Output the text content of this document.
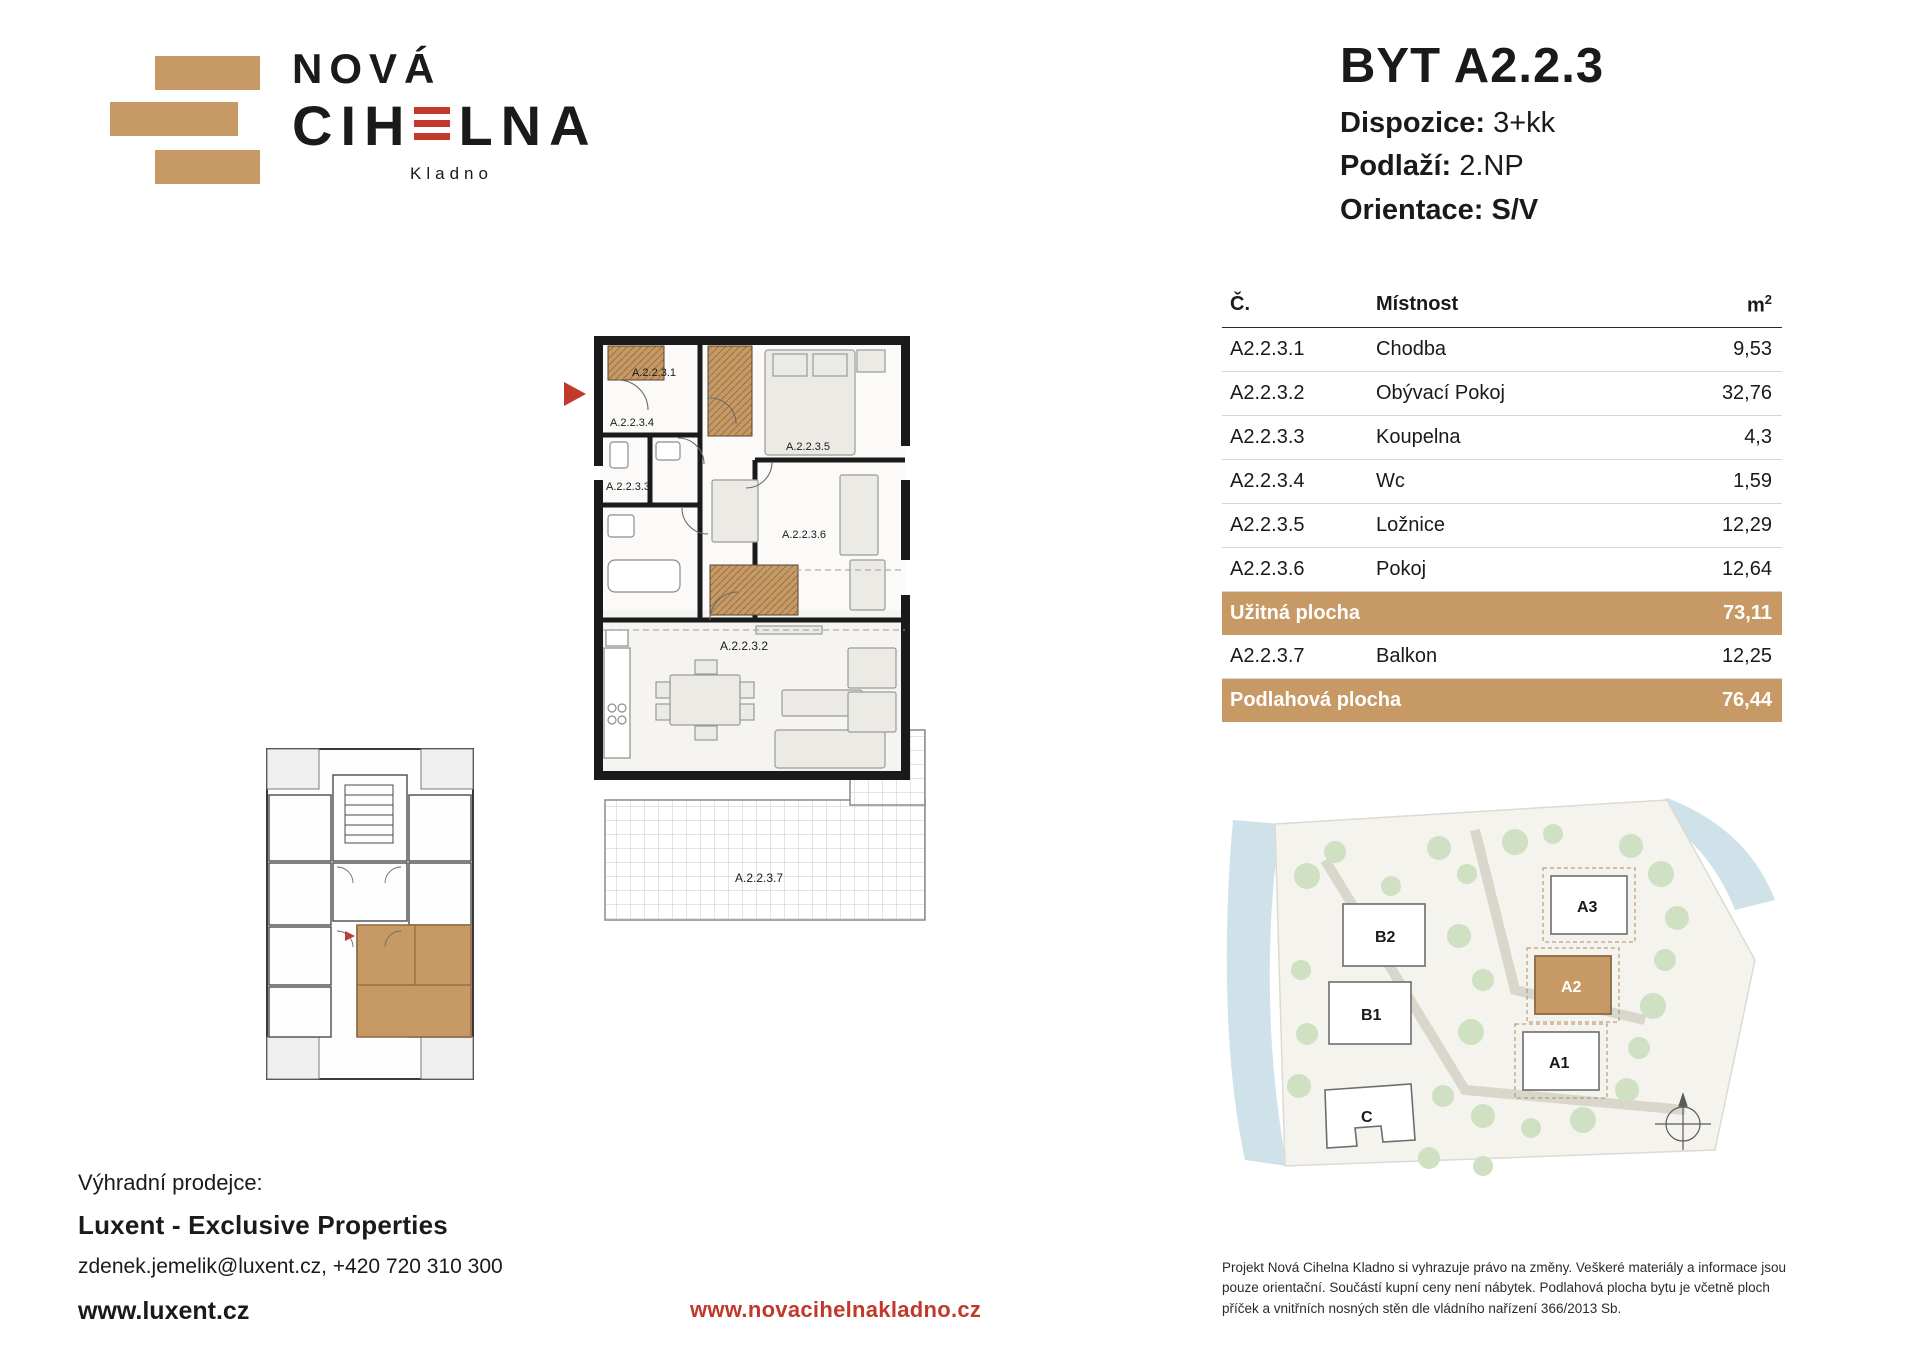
NOVÁ
CIH LNA
Kladno
BYT A2.2.3
Dispozice: 3+kk
Podlaží: 2.NP
Orientace: S/V
Č.	Místnost	$m^2$
A2.2.3.1	Chodba	9,53
A2.2.3.2	Obývací Pokoj	32,76
A2.2.3.3	Koupelna	4,3
A2.2.3.4	Wc	1,59
A2.2.3.5	Ložnice	12,29
A2.2.3.6	Pokoj	12,64
Užitná plocha		73,11
A2.2.3.7	Balkon	12,25
Podlahová plocha		76,44
A.2.2.3.1
A.2.2.3.4
A.2.2.3.3
A.2.2.3.5
A.2.2.3.6
A.2.2.3.2
A.2.2.3.7
B2
B1
A3
A2
A1
C
Výhradní prodejce:
Luxent - Exclusive Properties
zdenek.jemelik@luxent.cz, +420 720 310 300
www.luxent.cz	www.novacihelnakladno.cz
Projekt Nová Cihelna Kladno si vyhrazuje právo na změny. Veškeré materiály a informace jsou pouze orientační. Součástí kupní ceny není nábytek. Podlahová plocha bytu je včetně ploch příček a vnitřních nosných stěn dle vládního nařízení 366/2013 Sb.
